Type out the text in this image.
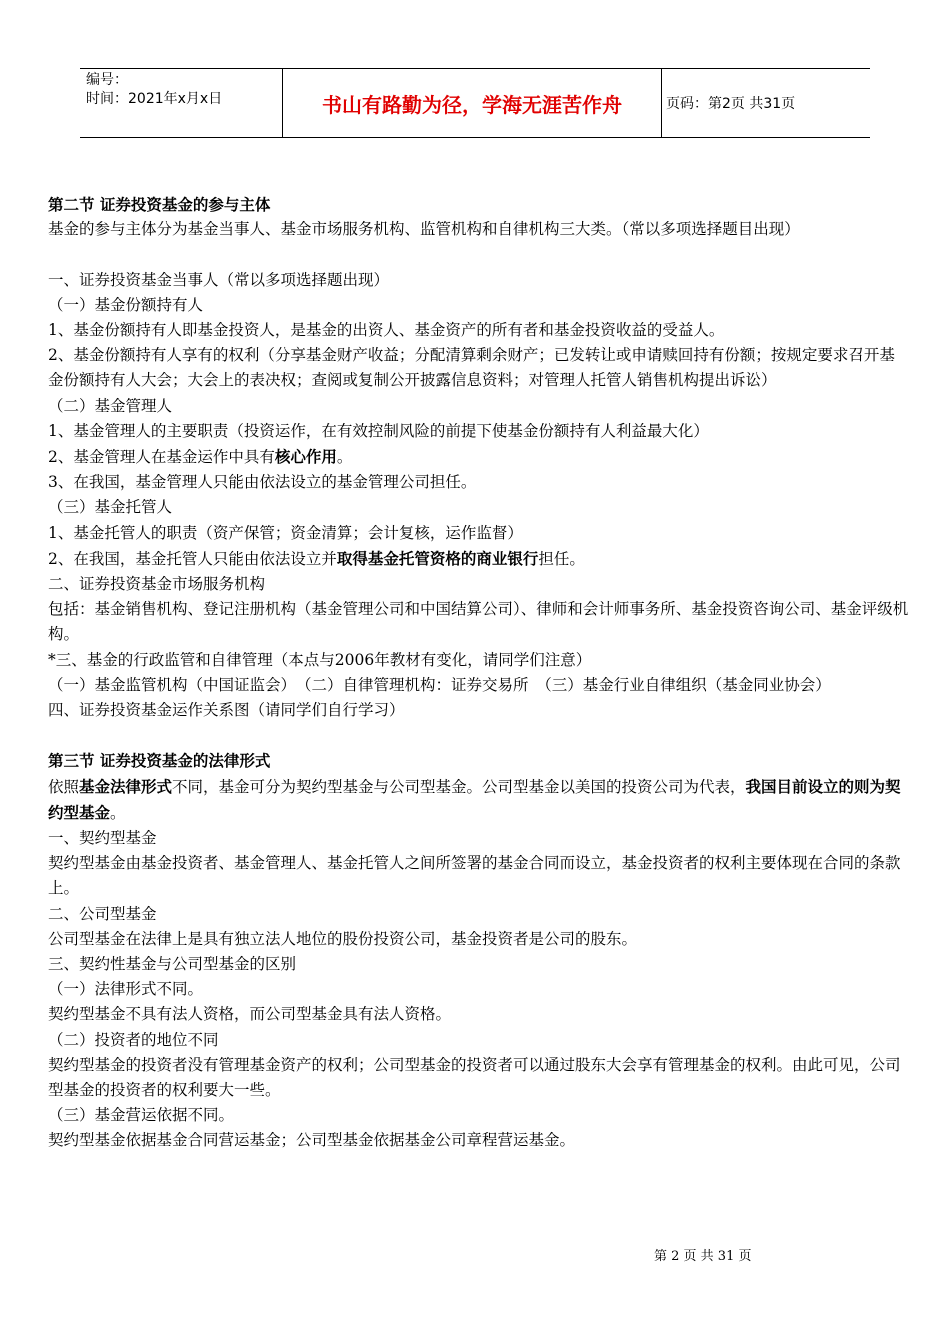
编号：
时间：2021年x月x日	书山有路勤为径，学海无涯苦作舟	页码：第2页 共31页

第二节 证券投资基金的参与主体

基金的参与主体分为基金当事人、基金市场服务机构、监管机构和自律机构三大类。（常以多项选择题目出现）

一、证券投资基金当事人（常以多项选择题出现）

（一）基金份额持有人

1、基金份额持有人即基金投资人，是基金的出资人、基金资产的所有者和基金投资收益的受益人。

2、基金份额持有人享有的权利（分享基金财产收益；分配清算剩余财产；已发转让或申请赎回持有份额；按规定要求召开基金份额持有人大会；大会上的表决权；查阅或复制公开披露信息资料；对管理人托管人销售机构提出诉讼）

（二）基金管理人

1、基金管理人的主要职责（投资运作，在有效控制风险的前提下使基金份额持有人利益最大化）

2、基金管理人在基金运作中具有核心作用。

3、在我国，基金管理人只能由依法设立的基金管理公司担任。

（三）基金托管人

1、基金托管人的职责（资产保管；资金清算；会计复核，运作监督）

2、在我国，基金托管人只能由依法设立并取得基金托管资格的商业银行担任。

二、证券投资基金市场服务机构

包括：基金销售机构、登记注册机构（基金管理公司和中国结算公司）、律师和会计师事务所、基金投资咨询公司、基金评级机构。

*三、基金的行政监管和自律管理（本点与2006年教材有变化，请同学们注意）

（一）基金监管机构（中国证监会）　（二）自律管理机构：证券交易所　（三）基金行业自律组织（基金同业协会）

四、证券投资基金运作关系图（请同学们自行学习）

第三节 证券投资基金的法律形式

依照基金法律形式不同，基金可分为契约型基金与公司型基金。公司型基金以美国的投资公司为代表，我国目前设立的则为契约型基金。

一、契约型基金

契约型基金由基金投资者、基金管理人、基金托管人之间所签署的基金合同而设立，基金投资者的权利主要体现在合同的条款上。

二、公司型基金

公司型基金在法律上是具有独立法人地位的股份投资公司，基金投资者是公司的股东。

三、契约性基金与公司型基金的区别

（一）法律形式不同。

契约型基金不具有法人资格，而公司型基金具有法人资格。

（二）投资者的地位不同

契约型基金的投资者没有管理基金资产的权利；公司型基金的投资者可以通过股东大会享有管理基金的权利。由此可见，公司型基金的投资者的权利要大一些。

（三）基金营运依据不同。

契约型基金依据基金合同营运基金；公司型基金依据基金公司章程营运基金。

第 2 页 共 31 页
